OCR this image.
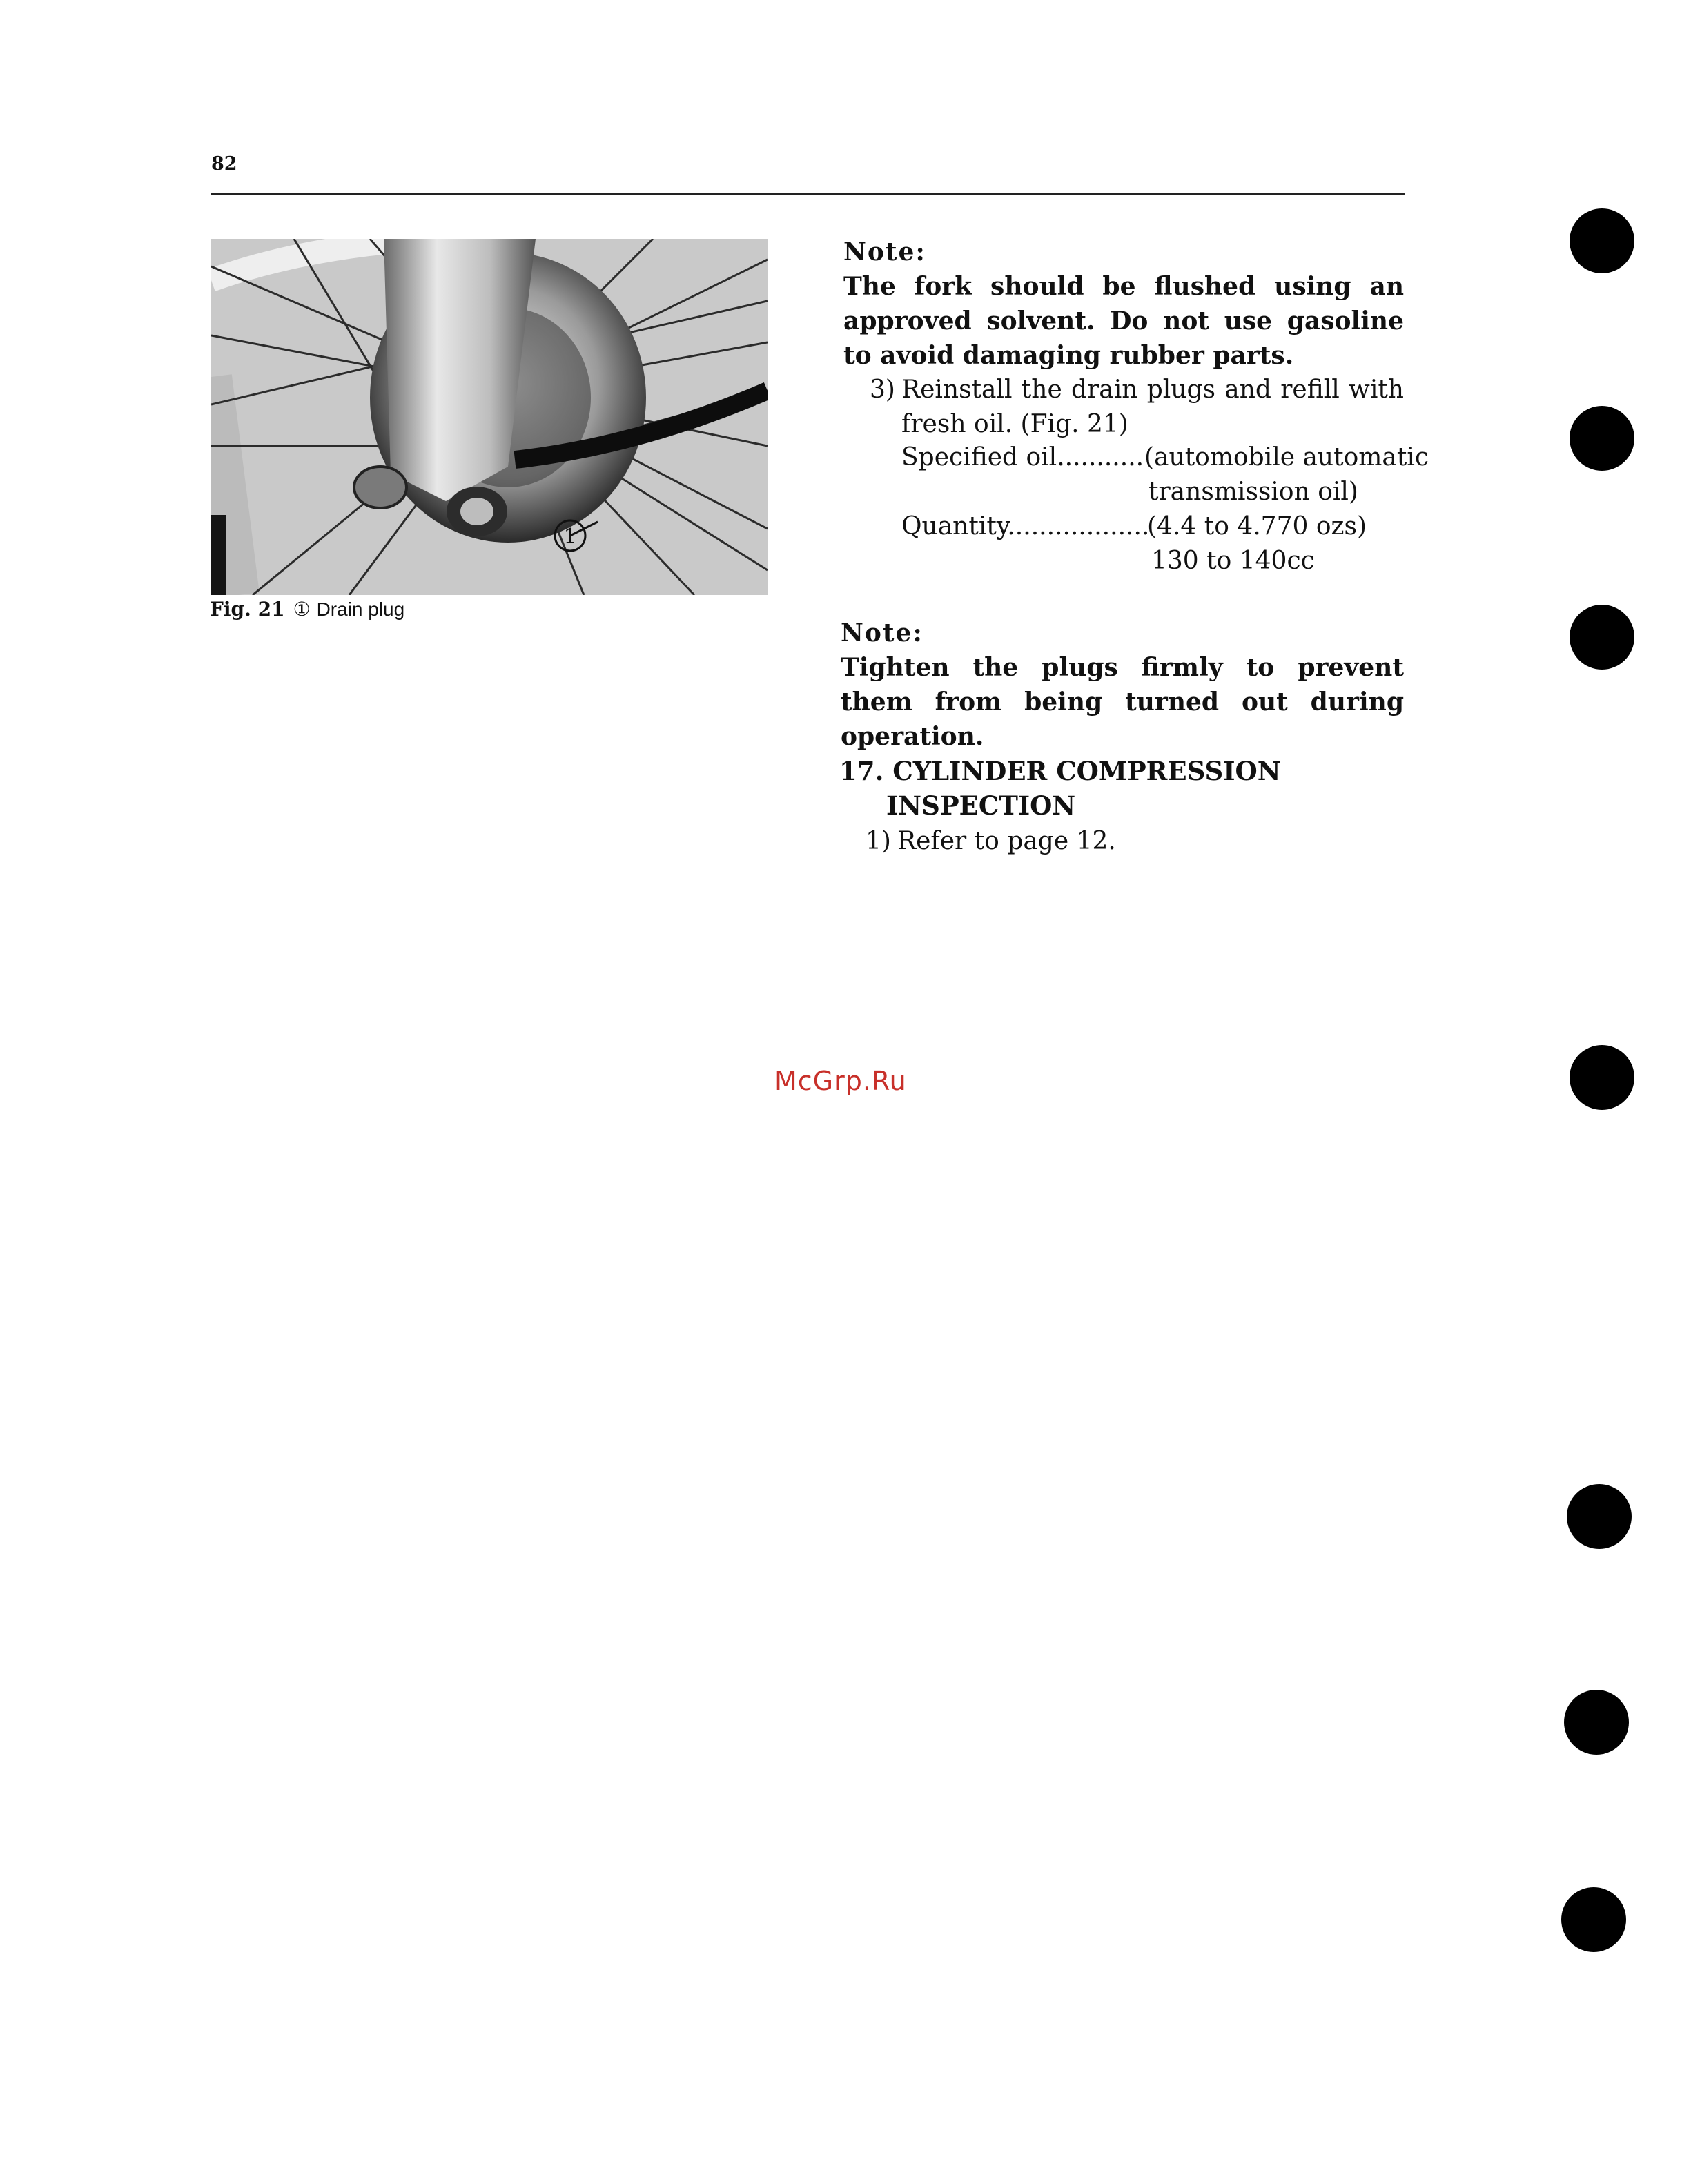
82
1
Fig. 21 ① Drain plug
Note:
The fork should be flushed using an approved solvent. Do not use gasoline to avoid damaging rubber parts.
3) Reinstall the drain plugs and refill with fresh oil. (Fig. 21)
Specified oil........... (automobile automatic
transmission oil)
Quantity..................
(4.4 to 4.770 ozs)
130 to 140cc
Note:
Tighten the plugs firmly to prevent them from being turned out during operation.
17. CYLINDER COMPRESSION
INSPECTION
1) Refer to page 12.
McGrp.Ru
